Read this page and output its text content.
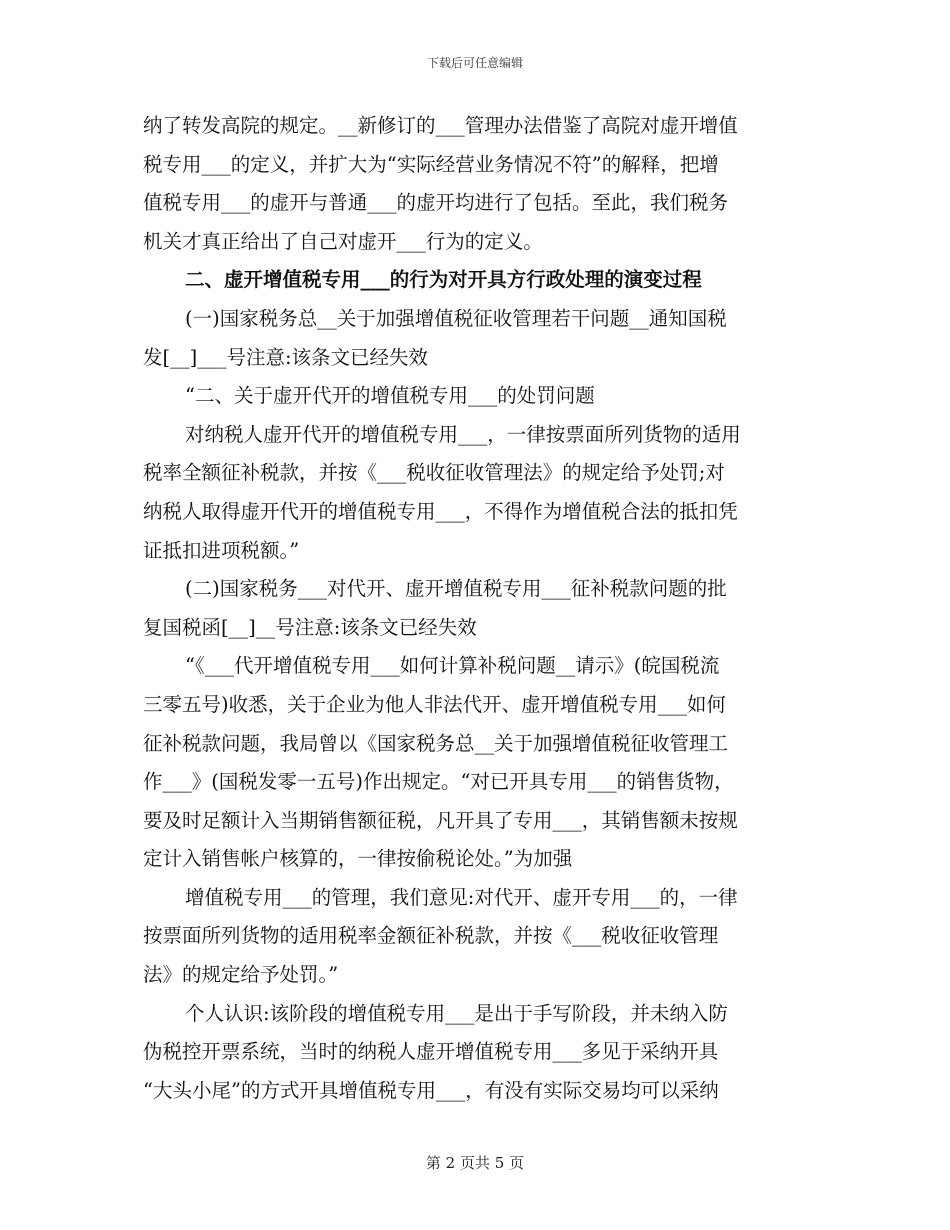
下载后可任意编辑
纳了转发高院的规定。__新修订的___管理办法借鉴了高院对虚开增值
税专用___的定义，并扩大为“实际经营业务情况不符”的解释，把增
值税专用___的虚开与普通___的虚开均进行了包括。至此，我们税务
机关才真正给出了自己对虚开___行为的定义。
二、虚开增值税专用___的行为对开具方行政处理的演变过程
(一)国家税务总__关于加强增值税征收管理若干问题__通知国税
发[__]___号注意:该条文已经失效
“二、关于虚开代开的增值税专用___的处罚问题
对纳税人虚开代开的增值税专用___，一律按票面所列货物的适用
税率全额征补税款，并按《___税收征收管理法》的规定给予处罚;对
纳税人取得虚开代开的增值税专用___，不得作为增值税合法的抵扣凭
证抵扣进项税额。”
(二)国家税务___对代开、虚开增值税专用___征补税款问题的批
复国税函[__]__号注意:该条文已经失效
“《___代开增值税专用___如何计算补税问题__请示》(皖国税流
三零五号)收悉，关于企业为他人非法代开、虚开增值税专用___如何
征补税款问题，我局曾以《国家税务总__关于加强增值税征收管理工
作___》(国税发零一五号)作出规定。“对已开具专用___的销售货物，
要及时足额计入当期销售额征税，凡开具了专用___，其销售额未按规
定计入销售帐户核算的，一律按偷税论处。”为加强
增值税专用___的管理，我们意见:对代开、虚开专用___的，一律
按票面所列货物的适用税率金额征补税款，并按《___税收征收管理
法》的规定给予处罚。”
个人认识:该阶段的增值税专用___是出于手写阶段，并未纳入防
伪税控开票系统，当时的纳税人虚开增值税专用___多见于采纳开具
“大头小尾”的方式开具增值税专用___，有没有实际交易均可以采纳
第 2 页共 5 页
